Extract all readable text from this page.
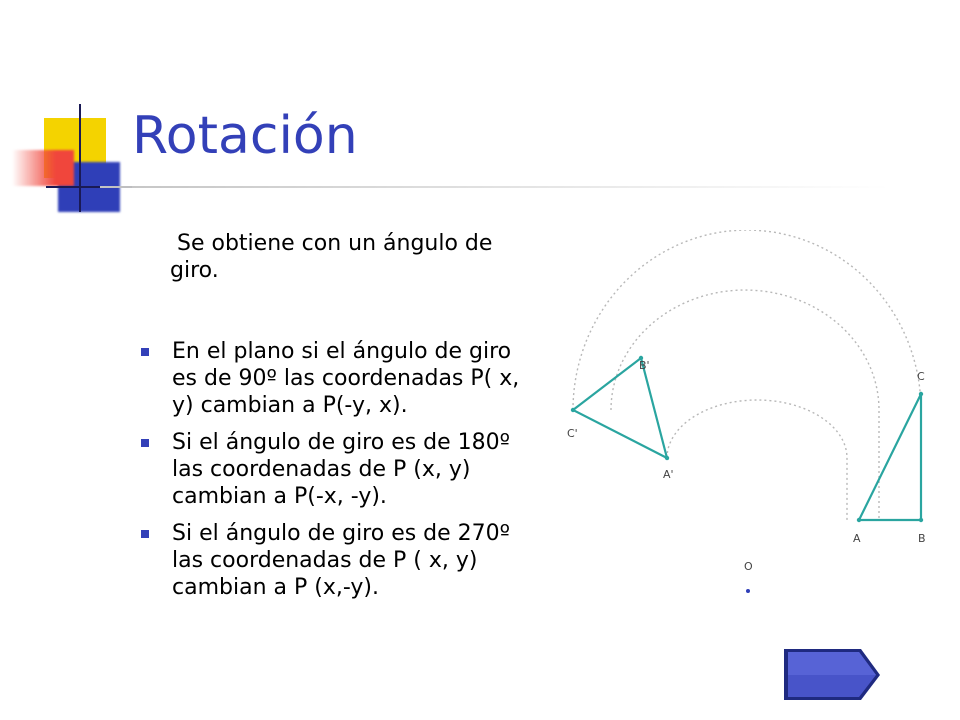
Rotación

Se obtiene con un ángulo de giro.

En el plano si el ángulo de giro es de 90º las coordenadas P( x, y) cambian a P(-y, x).
Si el ángulo de giro es de 180º las coordenadas de P (x, y) cambian a P(-x, -y).
Si el ángulo de giro es de 270º las coordenadas de P ( x, y) cambian a P (x,-y).
C'
B'
A'
A	B
C
O
